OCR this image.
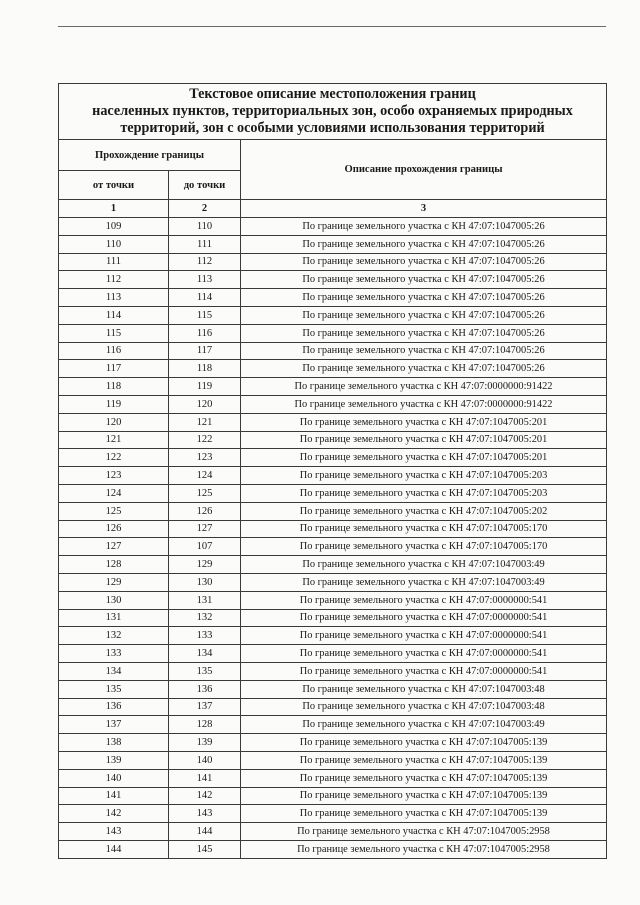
Текстовое описание местоположения границ
населенных пунктов, территориальных зон, особо охраняемых природных
территорий, зон с особыми условиями использования территорий		

Прохождение границы		Описание прохождения границы
от точки	до точки	
1	2	3
109	110	По границе земельного участка с КН 47:07:1047005:26
110	111	По границе земельного участка с КН 47:07:1047005:26
111	112	По границе земельного участка с КН 47:07:1047005:26
112	113	По границе земельного участка с КН 47:07:1047005:26
113	114	По границе земельного участка с КН 47:07:1047005:26
114	115	По границе земельного участка с КН 47:07:1047005:26
115	116	По границе земельного участка с КН 47:07:1047005:26
116	117	По границе земельного участка с КН 47:07:1047005:26
117	118	По границе земельного участка с КН 47:07:1047005:26
118	119	По границе земельного участка с КН 47:07:0000000:91422
119	120	По границе земельного участка с КН 47:07:0000000:91422
120	121	По границе земельного участка с КН 47:07:1047005:201
121	122	По границе земельного участка с КН 47:07:1047005:201
122	123	По границе земельного участка с КН 47:07:1047005:201
123	124	По границе земельного участка с КН 47:07:1047005:203
124	125	По границе земельного участка с КН 47:07:1047005:203
125	126	По границе земельного участка с КН 47:07:1047005:202
126	127	По границе земельного участка с КН 47:07:1047005:170
127	107	По границе земельного участка с КН 47:07:1047005:170
128	129	По границе земельного участка с КН 47:07:1047003:49
129	130	По границе земельного участка с КН 47:07:1047003:49
130	131	По границе земельного участка с КН 47:07:0000000:541
131	132	По границе земельного участка с КН 47:07:0000000:541
132	133	По границе земельного участка с КН 47:07:0000000:541
133	134	По границе земельного участка с КН 47:07:0000000:541
134	135	По границе земельного участка с КН 47:07:0000000:541
135	136	По границе земельного участка с КН 47:07:1047003:48
136	137	По границе земельного участка с КН 47:07:1047003:48
137	128	По границе земельного участка с КН 47:07:1047003:49
138	139	По границе земельного участка с КН 47:07:1047005:139
139	140	По границе земельного участка с КН 47:07:1047005:139
140	141	По границе земельного участка с КН 47:07:1047005:139
141	142	По границе земельного участка с КН 47:07:1047005:139
142	143	По границе земельного участка с КН 47:07:1047005:139
143	144	По границе земельного участка с КН 47:07:1047005:2958
144	145	По границе земельного участка с КН 47:07:1047005:2958
